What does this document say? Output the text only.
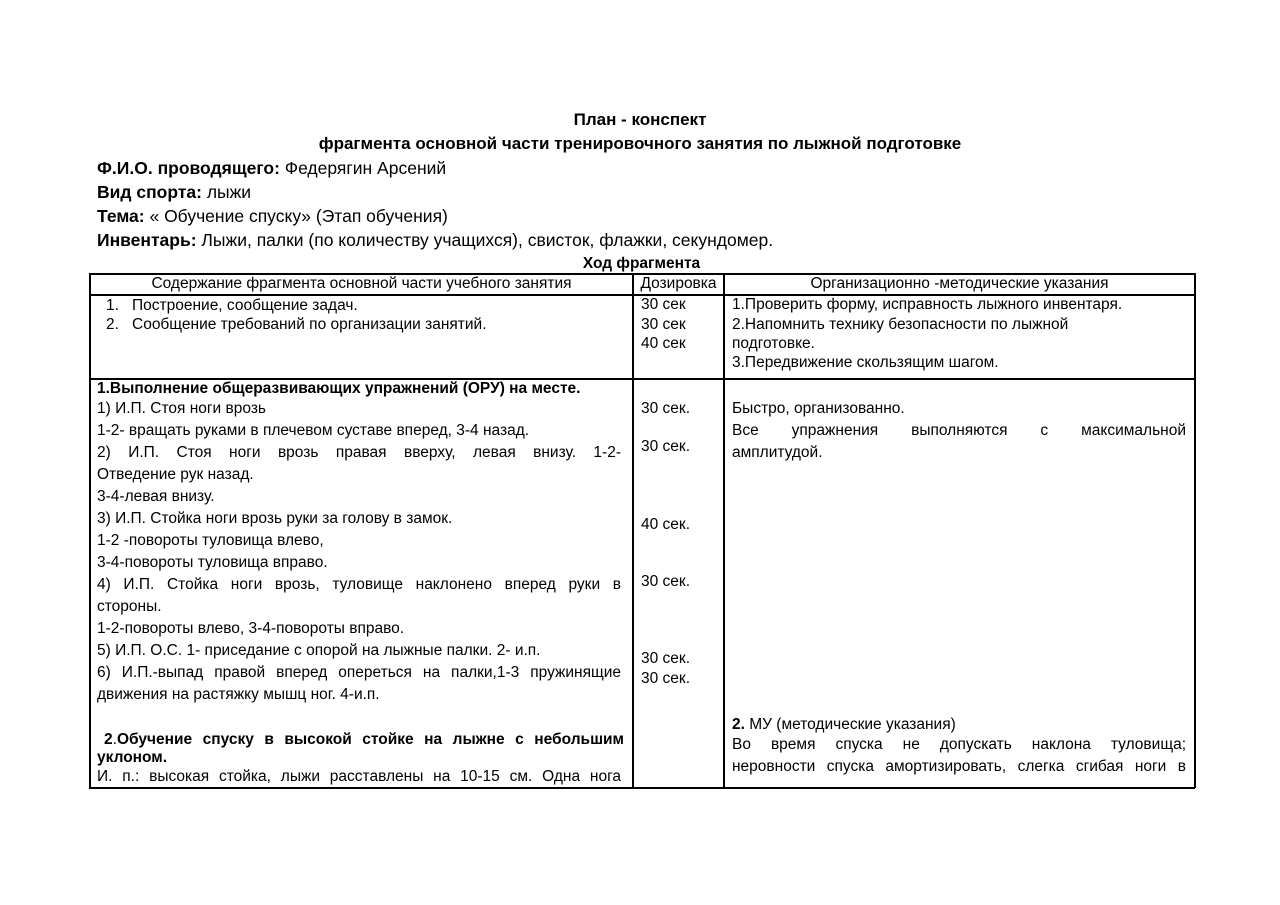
План - конспект
фрагмента основной части тренировочного занятия по лыжной подготовке
Ф.И.О. проводящего: Федерягин Арсений
Вид спорта: лыжи
Тема: « Обучение спуску» (Этап обучения)
Инвентарь: Лыжи, палки (по количеству учащихся), свисток, флажки, секундомер.
Ход фрагмента
Содержание фрагмента основной части учебного занятия	Дозировка	Организационно -методические указания
1. Построение, сообщение задач.
2. Сообщение требований по организации занятий.
30 сек
30 сек
40 сек
1.Проверить форму, исправность лыжного инвентаря.
2.Напомнить технику безопасности по лыжной
подготовке.
3.Передвижение скользящим шагом.
1.Выполнение общеразвивающих упражнений (ОРУ) на месте.
1) И.П. Стоя ноги врозь
1-2- вращать руками в плечевом суставе вперед, 3-4 назад.
2) И.П. Стоя ноги врозь правая вверху, левая внизу. 1-2-
Отведение рук назад.
3-4-левая внизу.
3) И.П. Стойка ноги врозь руки за голову в замок.
1-2 -повороты туловища влево,
3-4-повороты туловища вправо.
4) И.П. Стойка ноги врозь, туловище наклонено вперед руки в
стороны.
1-2-повороты влево, 3-4-повороты вправо.
5) И.П. О.С. 1- приседание с опорой на лыжные палки. 2- и.п.
6) И.П.-выпад правой вперед опереться на палки,1-3 пружинящие
движения на растяжку мышц ног. 4-и.п.
2.Обучение спуску в высокой стойке на лыжне с небольшим
уклоном.
И. п.: высокая стойка, лыжи расставлены на 10-15 см. Одна нога
30 сек.
30 сек.
40 сек.
30 сек.
30 сек.
30 сек.
Быстро, организованно.
Все упражнения выполняются с максимальной
амплитудой.
2. МУ (методические указания)
Во время спуска не допускать наклона туловища;
неровности спуска амортизировать, слегка сгибая ноги в
